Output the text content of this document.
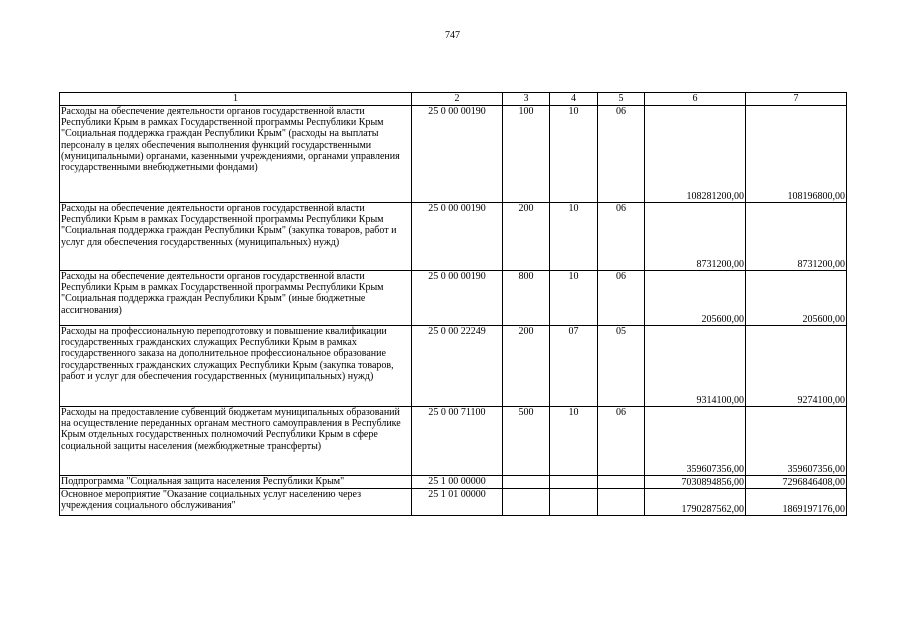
747
1	2	3	4	5	6	7
Расходы на обеспечение деятельности органов государственной власти Республики Крым в рамках Государственной программы Республики Крым "Социальная поддержка граждан Республики Крым" (расходы на выплаты персоналу в целях обеспечения выполнения функций государственными (муниципальными) органами, казенными учреждениями, органами управления государственными внебюджетными фондами)	25 0 00 00190	100	10	06	108281200,00	108196800,00
Расходы на обеспечение деятельности органов государственной власти Республики Крым в рамках Государственной программы Республики Крым "Социальная поддержка граждан Республики Крым" (закупка товаров, работ и услуг для обеспечения государственных (муниципальных) нужд)	25 0 00 00190	200	10	06	8731200,00	8731200,00
Расходы на обеспечение деятельности органов государственной власти Республики Крым в рамках Государственной программы Республики Крым "Социальная поддержка граждан Республики Крым" (иные бюджетные ассигнования)	25 0 00 00190	800	10	06	205600,00	205600,00
Расходы на профессиональную переподготовку и повышение квалификации государственных гражданских служащих Республики Крым в рамках государственного заказа на дополнительное профессиональное образование государственных гражданских служащих Республики Крым (закупка товаров, работ и услуг для обеспечения государственных (муниципальных) нужд)	25 0 00 22249	200	07	05	9314100,00	9274100,00
Расходы на предоставление субвенций бюджетам муниципальных образований на осуществление переданных органам местного самоуправления в Республике Крым отдельных государственных полномочий Республики Крым в сфере социальной защиты населения (межбюджетные трансферты)	25 0 00 71100	500	10	06	359607356,00	359607356,00
Подпрограмма "Социальная защита населения Республики Крым"	25 1 00 00000				7030894856,00	7296846408,00
Основное мероприятие "Оказание социальных услуг населению через учреждения социального обслуживания"	25 1 01 00000				1790287562,00	1869197176,00
